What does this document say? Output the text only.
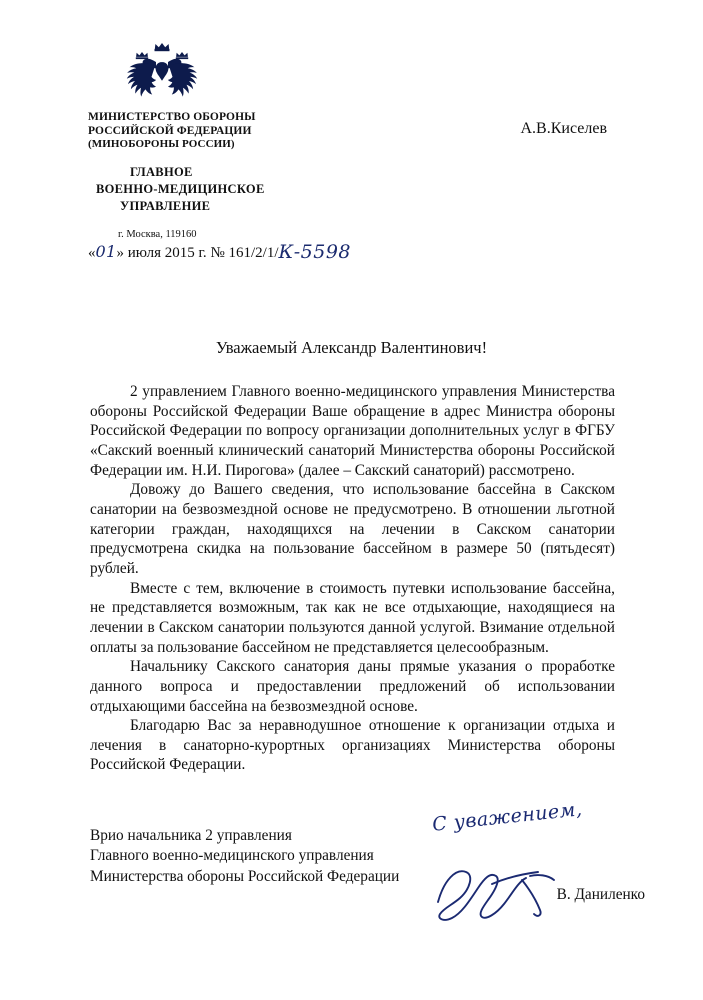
МИНИСТЕРСТВО ОБОРОНЫ
РОССИЙСКОЙ ФЕДЕРАЦИИ
(МИНОБОРОНЫ РОССИИ)
ГЛАВНОЕ
ВОЕННО-МЕДИЦИНСКОЕ
УПРАВЛЕНИЕ
г. Москва, 119160
«01» июля 2015 г. № 161/2/1/К-5598
А.В.Киселев
Уважаемый Александр Валентинович!

2 управлением Главного военно-медицинского управления Министерства обороны Российской Федерации Ваше обращение в адрес Министра обороны Российской Федерации по вопросу организации дополнительных услуг в ФГБУ «Сакский военный клинический санаторий Министерства обороны Российской Федерации им. Н.И. Пирогова» (далее – Сакский санаторий) рассмотрено.

Довожу до Вашего сведения, что использование бассейна в Сакском санатории на безвозмездной основе не предусмотрено. В отношении льготной категории граждан, находящихся на лечении в Сакском санатории предусмотрена скидка на пользование бассейном в размере 50 (пятьдесят) рублей.

Вместе с тем, включение в стоимость путевки использование бассейна, не представляется возможным, так как не все отдыхающие, находящиеся на лечении в Сакском санатории пользуются данной услугой. Взимание отдельной оплаты за пользование бассейном не представляется целесообразным.

Начальнику Сакского санатория даны прямые указания о проработке данного вопроса и предоставлении предложений об использовании отдыхающими бассейна на безвозмездной основе.

Благодарю Вас за неравнодушное отношение к организации отдыха и лечения в санаторно-курортных организациях Министерства обороны Российской Федерации.

С уважением,
Врио начальника 2 управления
Главного военно-медицинского управления
Министерства обороны Российской Федерации
В. Даниленко
